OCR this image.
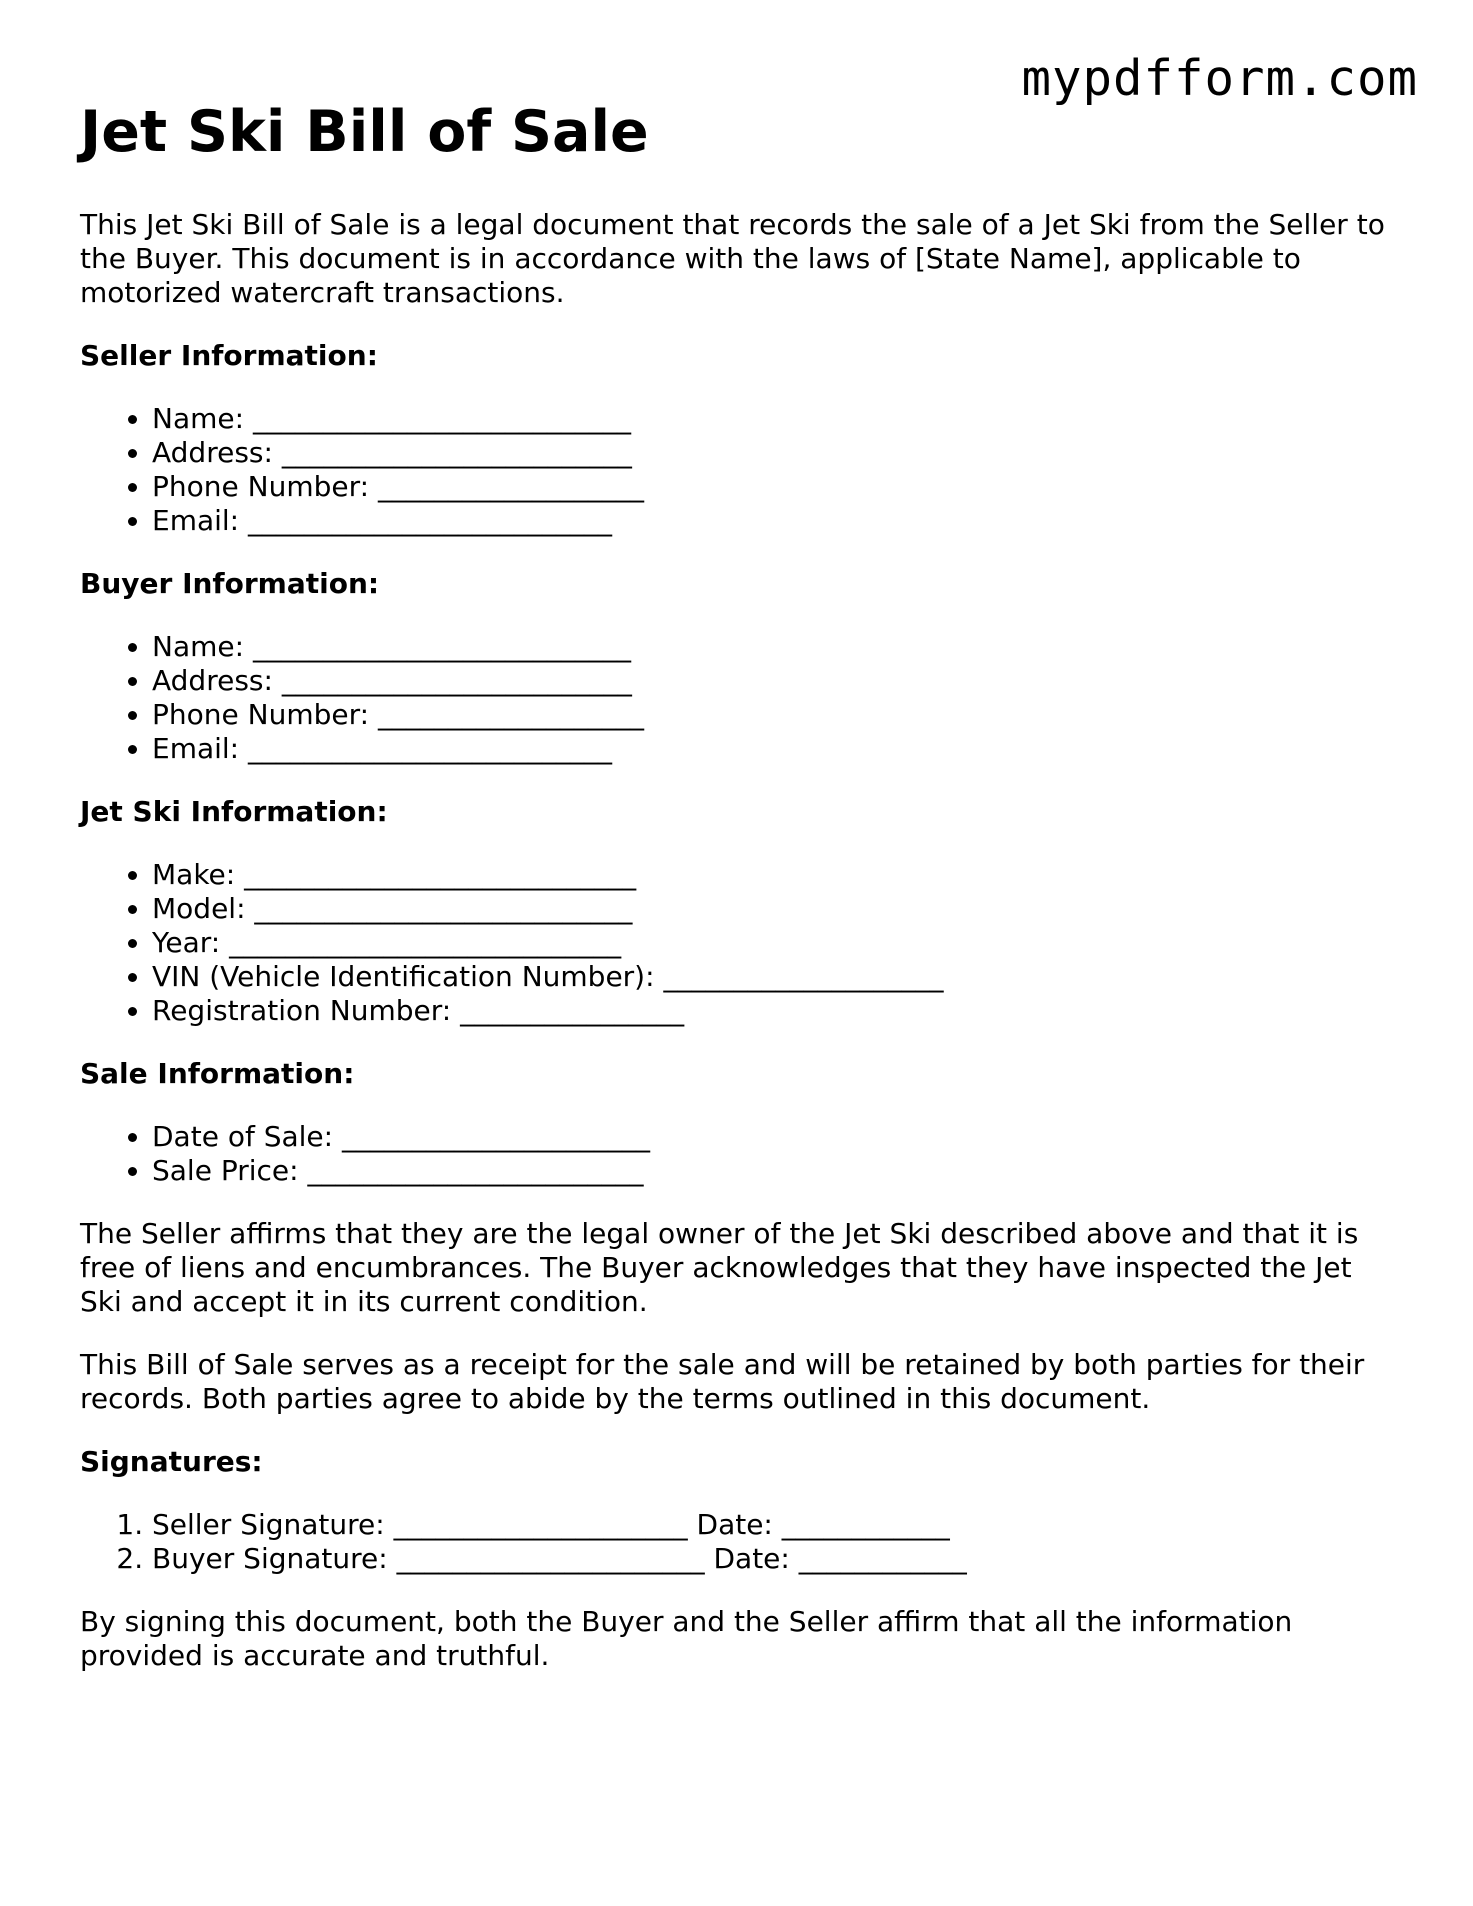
mypdfform.com
Jet Ski Bill of Sale

This Jet Ski Bill of Sale is a legal document that records the sale of a Jet Ski from the Seller to the Buyer. This document is in accordance with the laws of [State Name], applicable to motorized watercraft transactions.

Seller Information:
• Name: ___________________________
• Address: _________________________
• Phone Number: ___________________
• Email: __________________________
Buyer Information:
• Name: ___________________________
• Address: _________________________
• Phone Number: ___________________
• Email: __________________________
Jet Ski Information:
• Make: ____________________________
• Model: ___________________________
• Year: ____________________________
• VIN (Vehicle Identification Number): ____________________
• Registration Number: ________________
Sale Information:
• Date of Sale: ______________________
• Sale Price: ________________________

The Seller affirms that they are the legal owner of the Jet Ski described above and that it is free of liens and encumbrances. The Buyer acknowledges that they have inspected the Jet Ski and accept it in its current condition.

This Bill of Sale serves as a receipt for the sale and will be retained by both parties for their records. Both parties agree to abide by the terms outlined in this document.

Signatures:
1. Seller Signature: _____________________ Date: ____________
2. Buyer Signature: ______________________ Date: ____________

By signing this document, both the Buyer and the Seller affirm that all the information provided is accurate and truthful.
